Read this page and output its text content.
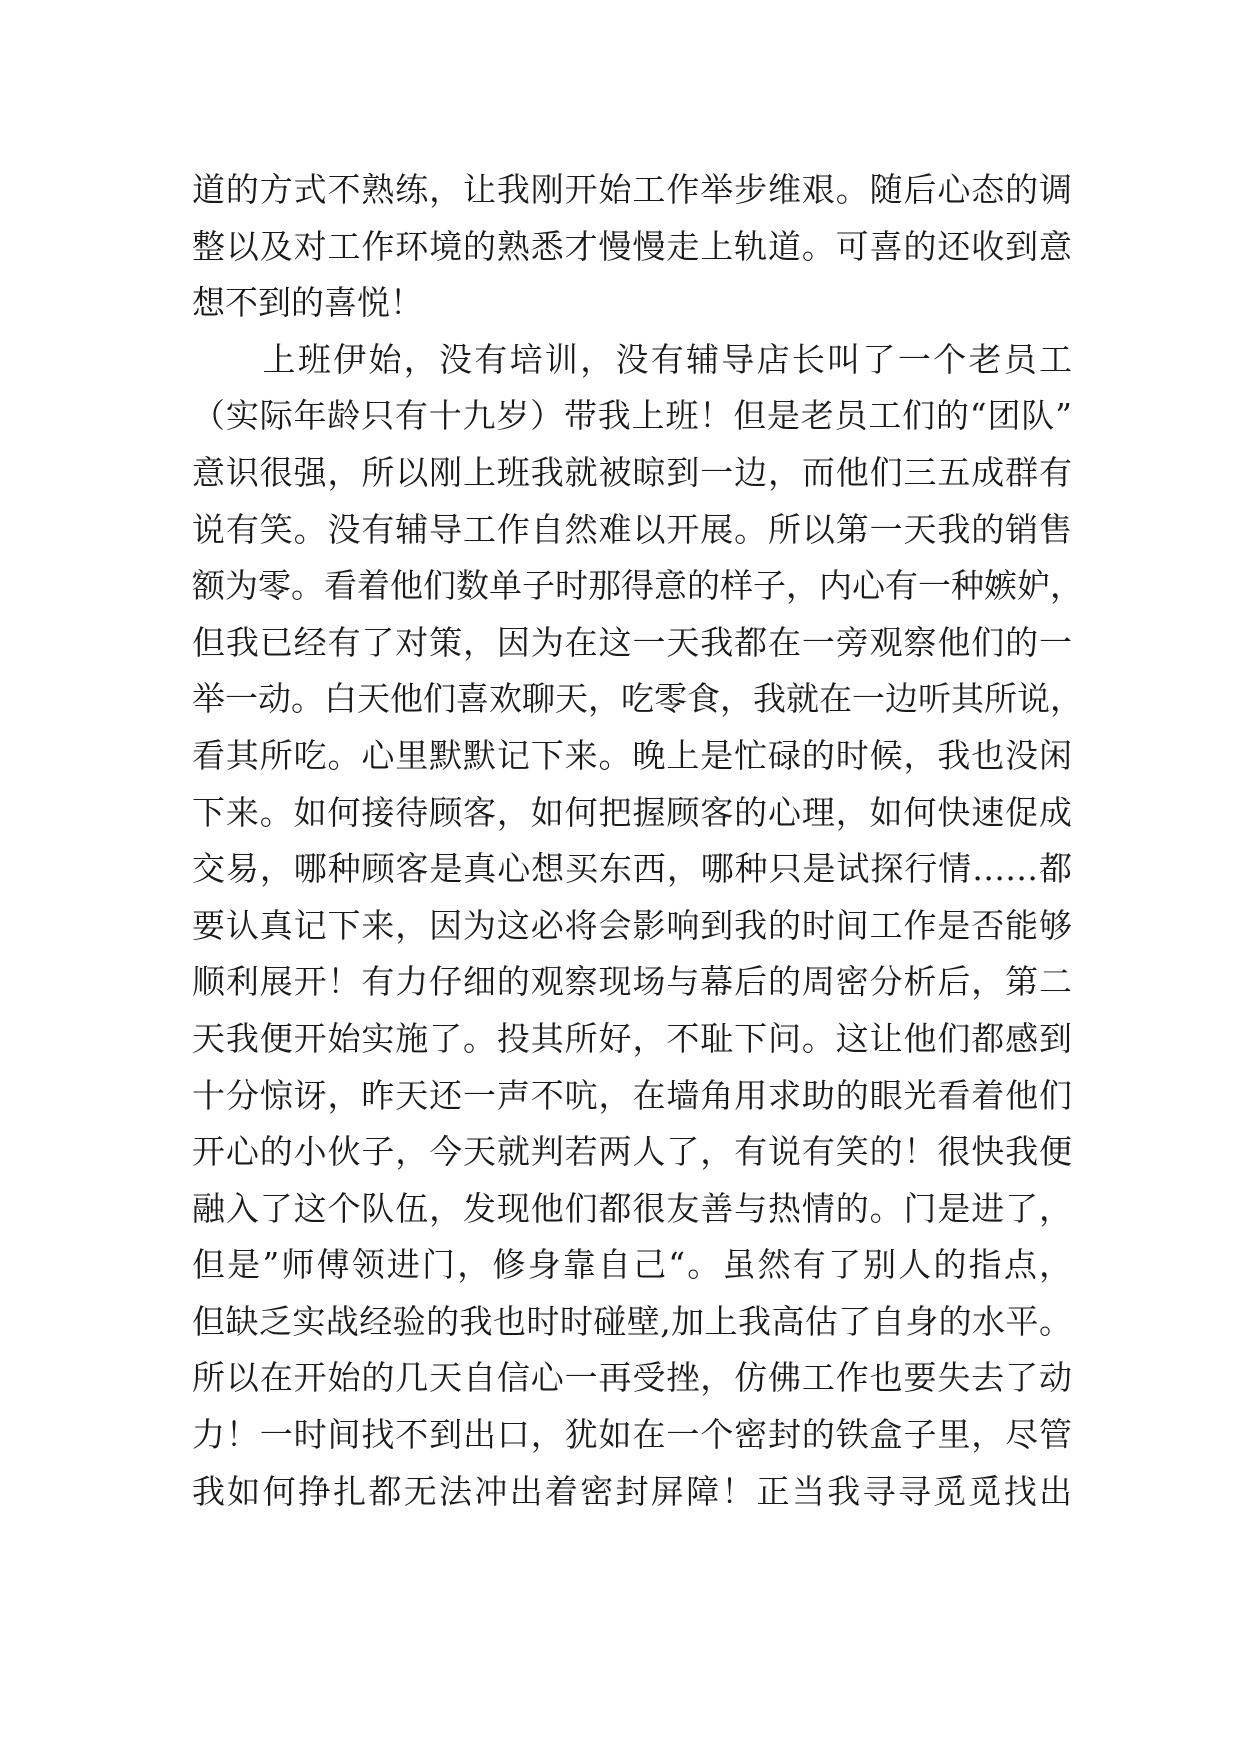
道的方式不熟练，让我刚开始工作举步维艰。随后心态的调
整以及对工作环境的熟悉才慢慢走上轨道。可喜的还收到意
想不到的喜悦！
　　上班伊始，没有培训，没有辅导店长叫了一个老员工
（实际年龄只有十九岁）带我上班！但是老员工们的“团队”
意识很强，所以刚上班我就被晾到一边，而他们三五成群有
说有笑。没有辅导工作自然难以开展。所以第一天我的销售
额为零。看着他们数单子时那得意的样子，内心有一种嫉妒，
但我已经有了对策，因为在这一天我都在一旁观察他们的一
举一动。白天他们喜欢聊天，吃零食，我就在一边听其所说，
看其所吃。心里默默记下来。晚上是忙碌的时候，我也没闲
下来。如何接待顾客，如何把握顾客的心理，如何快速促成
交易，哪种顾客是真心想买东西，哪种只是试探行情……都
要认真记下来，因为这必将会影响到我的时间工作是否能够
顺利展开！有力仔细的观察现场与幕后的周密分析后，第二
天我便开始实施了。投其所好，不耻下问。这让他们都感到
十分惊讶，昨天还一声不吭，在墙角用求助的眼光看着他们
开心的小伙子，今天就判若两人了，有说有笑的！很快我便
融入了这个队伍，发现他们都很友善与热情的。门是进了，
但是”师傅领进门，修身靠自己“。虽然有了别人的指点，
但缺乏实战经验的我也时时碰壁,加上我高估了自身的水平。
所以在开始的几天自信心一再受挫，仿佛工作也要失去了动
力！一时间找不到出口，犹如在一个密封的铁盒子里，尽管
我如何挣扎都无法冲出着密封屏障！正当我寻寻觅觅找出
